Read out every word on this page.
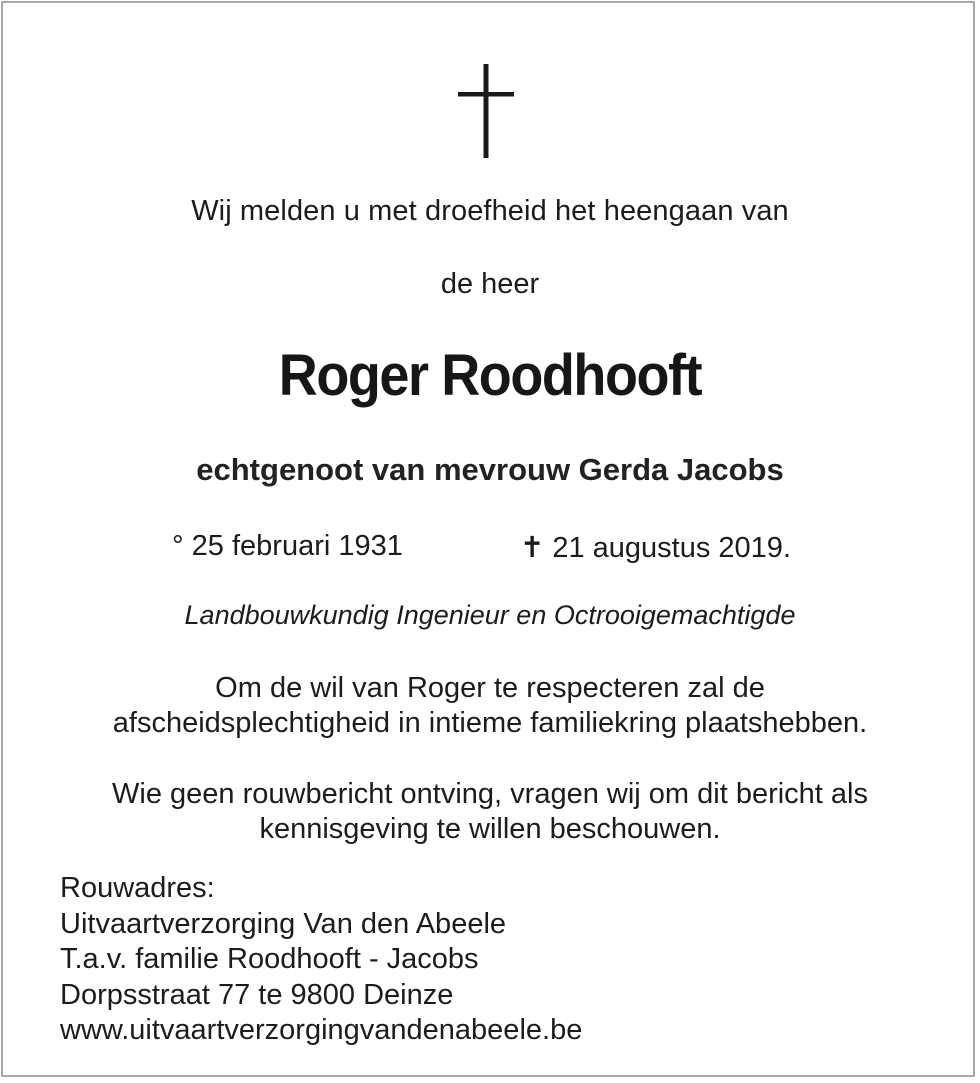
Wij melden u met droefheid het heengaan van
de heer
Roger Roodhooft
echtgenoot van mevrouw Gerda Jacobs
° 25 februari 1931	✝ 21 augustus 2019.
Landbouwkundig Ingenieur en Octrooigemachtigde
Om de wil van Roger te respecteren zal de
afscheidsplechtigheid in intieme familiekring plaatshebben.
Wie geen rouwbericht ontving, vragen wij om dit bericht als
kennisgeving te willen beschouwen.
Rouwadres:
Uitvaartverzorging Van den Abeele
T.a.v. familie Roodhooft - Jacobs
Dorpsstraat 77 te 9800 Deinze
www.uitvaartverzorgingvandenabeele.be
